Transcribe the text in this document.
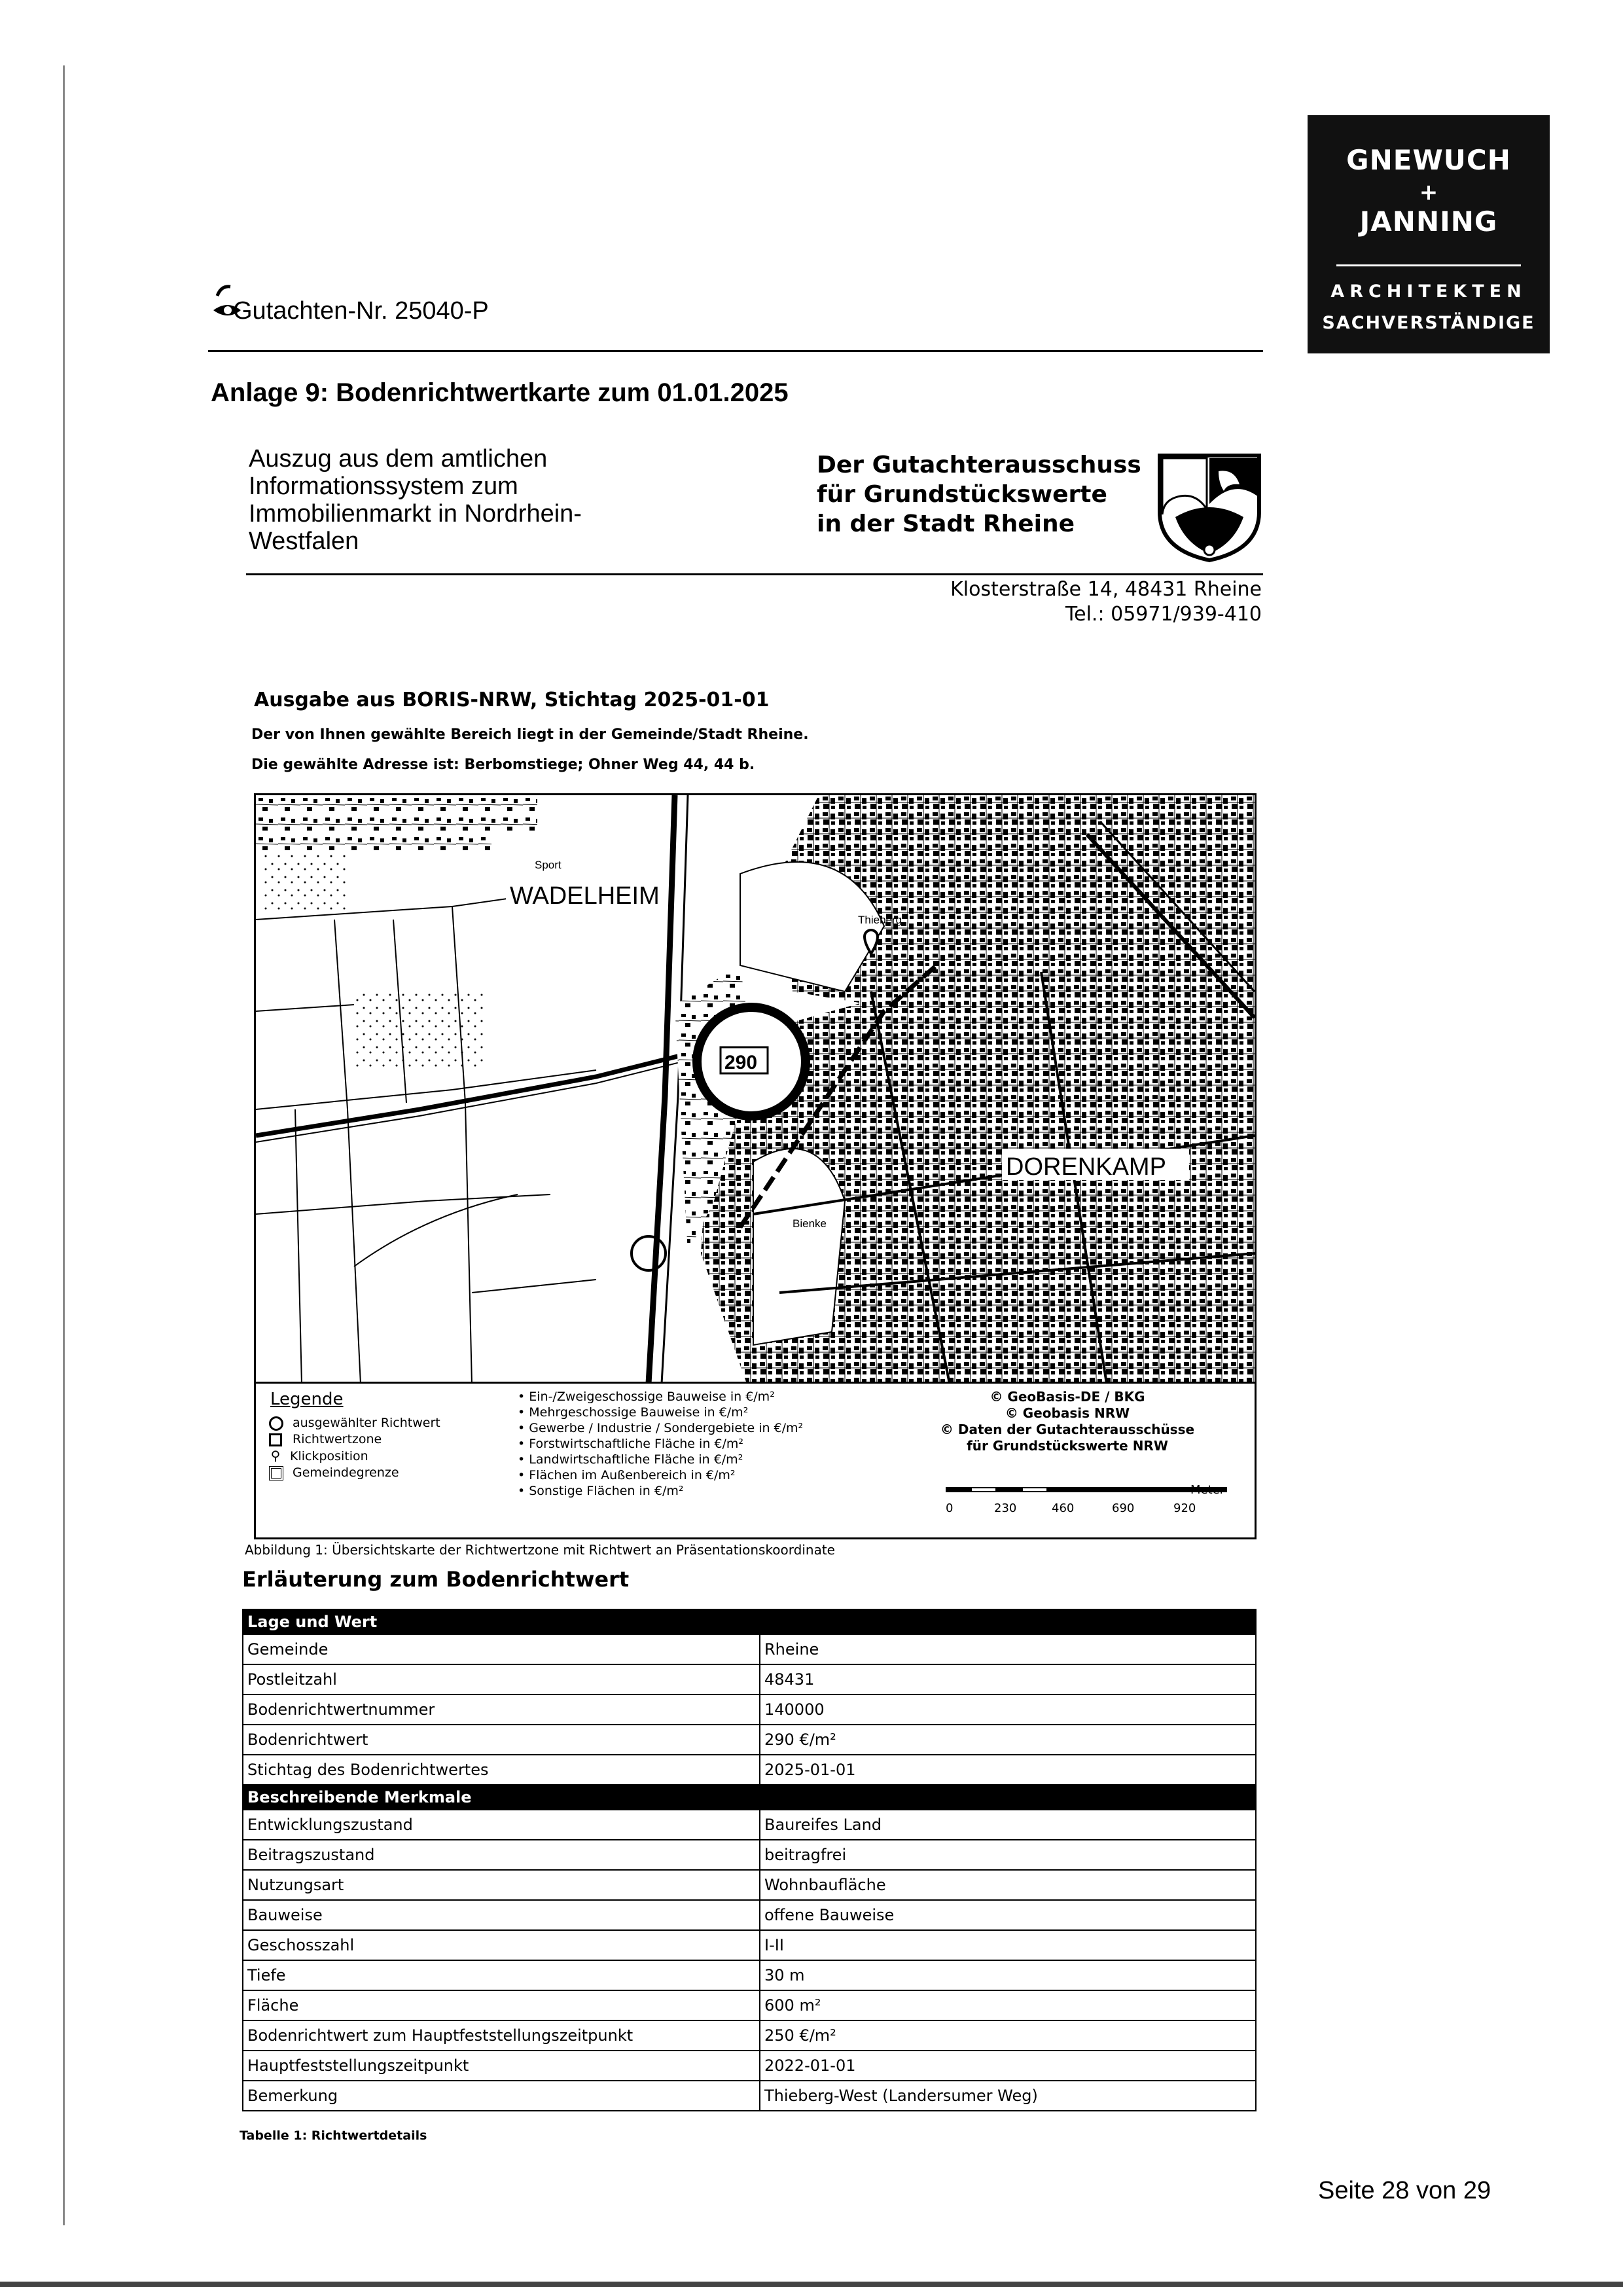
GNEWUCH
+
JANNING
ARCHITEKTEN
SACHVERSTÄNDIGE
Gutachten-Nr. 25040-P
Anlage 9: Bodenrichtwertkarte zum 01.01.2025
Auszug aus dem amtlichen
Informationssystem zum
Immobilienmarkt in Nordrhein-
Westfalen
Der Gutachterausschuss
für Grundstückswerte
in der Stadt Rheine
Klosterstraße 14, 48431 Rheine
Tel.: 05971/939-410
Ausgabe aus BORIS-NRW, Stichtag 2025-01-01
Der von Ihnen gewählte Bereich liegt in der Gemeinde/Stadt Rheine.
Die gewählte Adresse ist: Berbomstiege; Ohner Weg 44, 44 b.
WADELHEIM
DORENKAMP
290
Thieberg
Sport
Bienke
Legende
ausgewählter Richtwert
Richtwertzone
⚲ Klickposition
Gemeindegrenze
• Ein-/Zweigeschossige Bauweise in €/m²
• Mehrgeschossige Bauweise in €/m²
• Gewerbe / Industrie / Sondergebiete in €/m²
• Forstwirtschaftliche Fläche in €/m²
• Landwirtschaftliche Fläche in €/m²
• Flächen im Außenbereich in €/m²
• Sonstige Flächen in €/m²
© GeoBasis-DE / BKG
© Geobasis NRW
© Daten der Gutachterausschüsse
für Grundstückswerte NRW
Meter
0	230	460	690	920
Abbildung 1: Übersichtskarte der Richtwertzone mit Richtwert an Präsentationskoordinate
Erläuterung zum Bodenrichtwert
Lage und Wert	
Gemeinde	Rheine
Postleitzahl	48431
Bodenrichtwertnummer	140000
Bodenrichtwert	290 €/m²
Stichtag des Bodenrichtwertes	2025-01-01
Beschreibende Merkmale	
Entwicklungszustand	Baureifes Land
Beitragszustand	beitragfrei
Nutzungsart	Wohnbaufläche
Bauweise	offene Bauweise
Geschosszahl	I-II
Tiefe	30 m
Fläche	600 m²
Bodenrichtwert zum Hauptfeststellungszeitpunkt	250 €/m²
Hauptfeststellungszeitpunkt	2022-01-01
Bemerkung	Thieberg-West (Landersumer Weg)
Tabelle 1: Richtwertdetails
Seite 28 von 29
